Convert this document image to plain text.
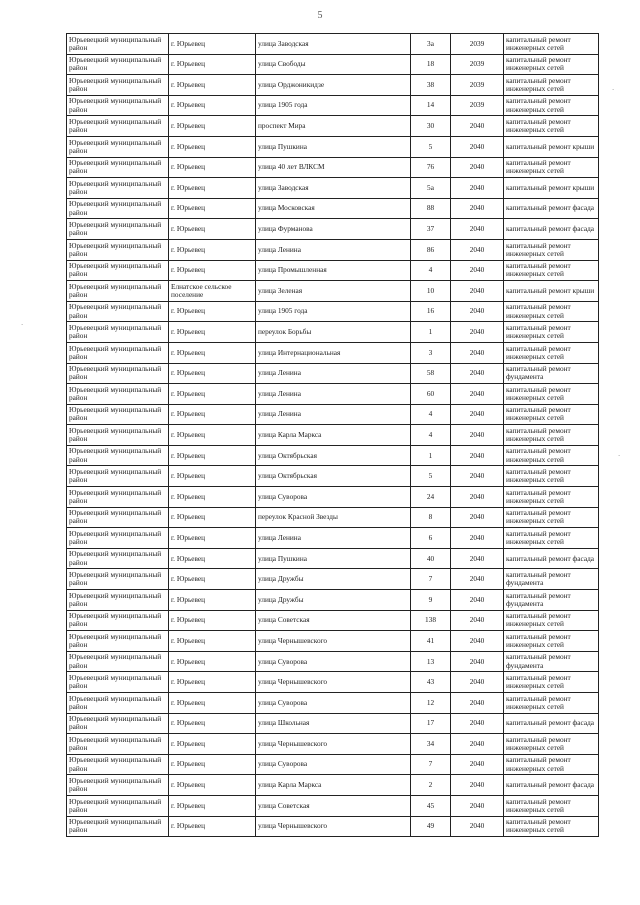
5
Юрьевецкий муниципальный район	г. Юрьевец	улица Заводская	3а	2039	капитальный ремонт инженерных сетей
Юрьевецкий муниципальный район	г. Юрьевец	улица Свободы	18	2039	капитальный ремонт инженерных сетей
Юрьевецкий муниципальный район	г. Юрьевец	улица Орджоникидзе	38	2039	капитальный ремонт инженерных сетей
Юрьевецкий муниципальный район	г. Юрьевец	улица 1905 года	14	2039	капитальный ремонт инженерных сетей
Юрьевецкий муниципальный район	г. Юрьевец	проспект Мира	30	2040	капитальный ремонт инженерных сетей
Юрьевецкий муниципальный район	г. Юрьевец	улица Пушкина	5	2040	капитальный ремонт крыши
Юрьевецкий муниципальный район	г. Юрьевец	улица 40 лет ВЛКСМ	76	2040	капитальный ремонт инженерных сетей
Юрьевецкий муниципальный район	г. Юрьевец	улица Заводская	5а	2040	капитальный ремонт крыши
Юрьевецкий муниципальный район	г. Юрьевец	улица Московская	88	2040	капитальный ремонт фасада
Юрьевецкий муниципальный район	г. Юрьевец	улица Фурманова	37	2040	капитальный ремонт фасада
Юрьевецкий муниципальный район	г. Юрьевец	улица Ленина	86	2040	капитальный ремонт инженерных сетей
Юрьевецкий муниципальный район	г. Юрьевец	улица Промышленная	4	2040	капитальный ремонт инженерных сетей
Юрьевецкий муниципальный район	Елнатское сельское поселение	улица Зеленая	10	2040	капитальный ремонт крыши
Юрьевецкий муниципальный район	г. Юрьевец	улица 1905 года	16	2040	капитальный ремонт инженерных сетей
Юрьевецкий муниципальный район	г. Юрьевец	переулок Борьбы	1	2040	капитальный ремонт инженерных сетей
Юрьевецкий муниципальный район	г. Юрьевец	улица Интернациональная	3	2040	капитальный ремонт инженерных сетей
Юрьевецкий муниципальный район	г. Юрьевец	улица Ленина	58	2040	капитальный ремонт фундамента
Юрьевецкий муниципальный район	г. Юрьевец	улица Ленина	60	2040	капитальный ремонт инженерных сетей
Юрьевецкий муниципальный район	г. Юрьевец	улица Ленина	4	2040	капитальный ремонт инженерных сетей
Юрьевецкий муниципальный район	г. Юрьевец	улица Карла Маркса	4	2040	капитальный ремонт инженерных сетей
Юрьевецкий муниципальный район	г. Юрьевец	улица Октябрьская	1	2040	капитальный ремонт инженерных сетей
Юрьевецкий муниципальный район	г. Юрьевец	улица Октябрьская	5	2040	капитальный ремонт инженерных сетей
Юрьевецкий муниципальный район	г. Юрьевец	улица Суворова	24	2040	капитальный ремонт инженерных сетей
Юрьевецкий муниципальный район	г. Юрьевец	переулок Красной Звезды	8	2040	капитальный ремонт инженерных сетей
Юрьевецкий муниципальный район	г. Юрьевец	улица Ленина	6	2040	капитальный ремонт инженерных сетей
Юрьевецкий муниципальный район	г. Юрьевец	улица Пушкина	40	2040	капитальный ремонт фасада
Юрьевецкий муниципальный район	г. Юрьевец	улица Дружбы	7	2040	капитальный ремонт фундамента
Юрьевецкий муниципальный район	г. Юрьевец	улица Дружбы	9	2040	капитальный ремонт фундамента
Юрьевецкий муниципальный район	г. Юрьевец	улица Советская	138	2040	капитальный ремонт инженерных сетей
Юрьевецкий муниципальный район	г. Юрьевец	улица Чернышевского	41	2040	капитальный ремонт инженерных сетей
Юрьевецкий муниципальный район	г. Юрьевец	улица Суворова	13	2040	капитальный ремонт фундамента
Юрьевецкий муниципальный район	г. Юрьевец	улица Чернышевского	43	2040	капитальный ремонт инженерных сетей
Юрьевецкий муниципальный район	г. Юрьевец	улица Суворова	12	2040	капитальный ремонт инженерных сетей
Юрьевецкий муниципальный район	г. Юрьевец	улица Школьная	17	2040	капитальный ремонт фасада
Юрьевецкий муниципальный район	г. Юрьевец	улица Чернышевского	34	2040	капитальный ремонт инженерных сетей
Юрьевецкий муниципальный район	г. Юрьевец	улица Суворова	7	2040	капитальный ремонт инженерных сетей
Юрьевецкий муниципальный район	г. Юрьевец	улица Карла Маркса	2	2040	капитальный ремонт фасада
Юрьевецкий муниципальный район	г. Юрьевец	улица Советская	45	2040	капитальный ремонт инженерных сетей
Юрьевецкий муниципальный район	г. Юрьевец	улица Чернышевского	49	2040	капитальный ремонт инженерных сетей
·
·
·
